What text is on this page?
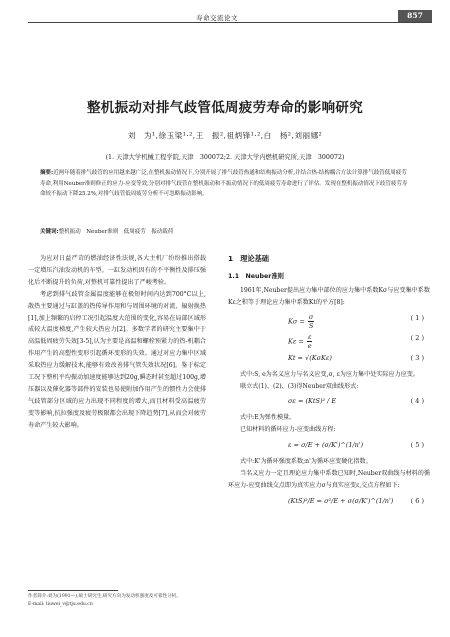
寿命交流论文	857
整机振动对排气歧管低周疲劳寿命的影响研究
刘　为¹,徐玉梁¹·²,王　振²,祖炳锋¹·²,白　杨²,刘丽娜²
(1. 天津大学机械工程学院,天津　300072;2. 天津大学内燃机研究所,天津　300072)
摘要:近两年随着排气歧管的应用越来越广泛,在整机振动情况下,分别开展了排气歧管热通和结构振动分析,并结合热-结构耦合方法计算排气歧管低周疲劳寿命,利用Neuber准则修正的应力-应变等效,分别对排气歧管在整机振动和不振动情况下的低周疲劳寿命进行了评估。发现在整机振动情况下歧管疲劳寿命较不振动下降25.2%,对排气歧管低周疲劳分析不可忽略振动影响。
关键词:整机振动　Neuber准则　低周疲劳　振动载荷

为应对日益严苛的燃油经济性法规,各大主机厂纷纷推出搭载一定增压汽油发动机的车型。一缸发动机因有的不平衡性及排压强化后不断提升的负荷,对整机可靠性提出了严峻考验。

考虑到排气歧管金属温度能够在极短时间内达到700°C以上,散热主要通过与缸盖的热传导作用和与周围环境的对流、辐射换热[1],加上频繁的启停工况引起温度大范围的变化,容易在局部区域形成较大温度梯度,产生较大热应力[2]。多数学者的研究主要集中于高温低周疲劳失效[3-5],认为主要是高温和螺栓预紧力的热-机耦合作用产生的高塑性变形引起循环变形的失效。通过对应力集中区域采取热应力缓解技术,能够有效改善排气管失效状况[6]。鉴于标定工况下整机平均振动加速度能够达到20g,瞬态时甚至超过100g,增压器以及催化器等部件的安装也易使附加作用产生的惯性力会使排气歧管部分区域的应力出现不同程度的增大,而且材料受高温疲劳变等影响,抗拉强度及疲劳极限都会出现下降趋势[7],从而会对疲劳寿命产生较大影响。

1　理论基础
1.1　Neuber准则

1961年,Neuber提出应力集中部位的应力集中系数Kσ与应变集中系数Kε之积等于理论应力集中系数Kt的平方[8]:

$K\sigma = \frac{\sigma}{S}$	( 1 )
$K\varepsilon = \frac{\varepsilon}{e}$	( 2 )
Kt = √(KσKε)	( 3 )

式中:S, e为名义应力与名义应变,σ, ε为应力集中处实际应力应变。

联立式(1)、(2)、(3)得Neuber双曲线形式:

σε = (KtS)² / E	( 4 )

式中:E为弹性模量。

已知材料的循环应力-应变曲线方程:

ε = σ/E + (σ/K')^(1/n')	( 5 )

式中:K'为循环强度系数;n'为循环应变硬化指数。

当名义应力一定且理论应力集中系数已知时,Neuber双曲线与材料的循环应力-应变曲线交点即为真实应力σ与真实应变ε,交点方程如下:

(KtS)²/E = σ²/E + σ(σ/K')^(1/n')	( 6 )
作者简介:刘为(1991—),硕士研究生,研究方向为发动机强度及可靠性分析。
E-mail: liuwei_v@tju.edu.cn
